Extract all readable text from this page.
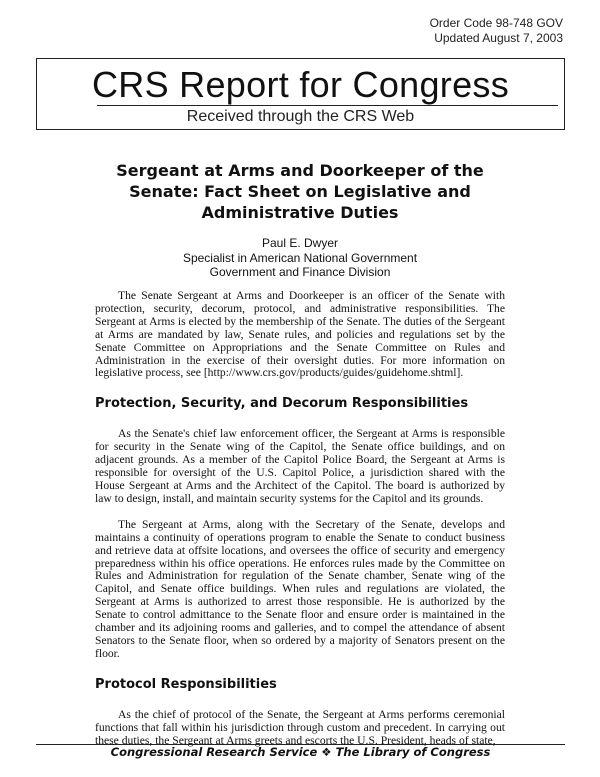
Order Code 98-748 GOV
Updated August 7, 2003
CRS Report for Congress
Received through the CRS Web
Sergeant at Arms and Doorkeeper of the Senate: Fact Sheet on Legislative and Administrative Duties
Paul E. Dwyer
Specialist in American National Government
Government and Finance Division

The Senate Sergeant at Arms and Doorkeeper is an officer of the Senate with protection, security, decorum, protocol, and administrative responsibilities. The Sergeant at Arms is elected by the membership of the Senate. The duties of the Sergeant at Arms are mandated by law, Senate rules, and policies and regulations set by the Senate Committee on Appropriations and the Senate Committee on Rules and Administration in the exercise of their oversight duties. For more information on legislative process, see [http://www.crs.gov/products/guides/guidehome.shtml].

Protection, Security, and Decorum Responsibilities

As the Senate's chief law enforcement officer, the Sergeant at Arms is responsible for security in the Senate wing of the Capitol, the Senate office buildings, and on adjacent grounds. As a member of the Capitol Police Board, the Sergeant at Arms is responsible for oversight of the U.S. Capitol Police, a jurisdiction shared with the House Sergeant at Arms and the Architect of the Capitol. The board is authorized by law to design, install, and maintain security systems for the Capitol and its grounds.

The Sergeant at Arms, along with the Secretary of the Senate, develops and maintains a continuity of operations program to enable the Senate to conduct business and retrieve data at offsite locations, and oversees the office of security and emergency preparedness within his office operations. He enforces rules made by the Committee on Rules and Administration for regulation of the Senate chamber, Senate wing of the Capitol, and Senate office buildings. When rules and regulations are violated, the Sergeant at Arms is authorized to arrest those responsible. He is authorized by the Senate to control admittance to the Senate floor and ensure order is maintained in the chamber and its adjoining rooms and galleries, and to compel the attendance of absent Senators to the Senate floor, when so ordered by a majority of Senators present on the floor.

Protocol Responsibilities

As the chief of protocol of the Senate, the Sergeant at Arms performs ceremonial functions that fall within his jurisdiction through custom and precedent. In carrying out these duties, the Sergeant at Arms greets and escorts the U.S. President, heads of state,

Congressional Research Service ❖ The Library of Congress
